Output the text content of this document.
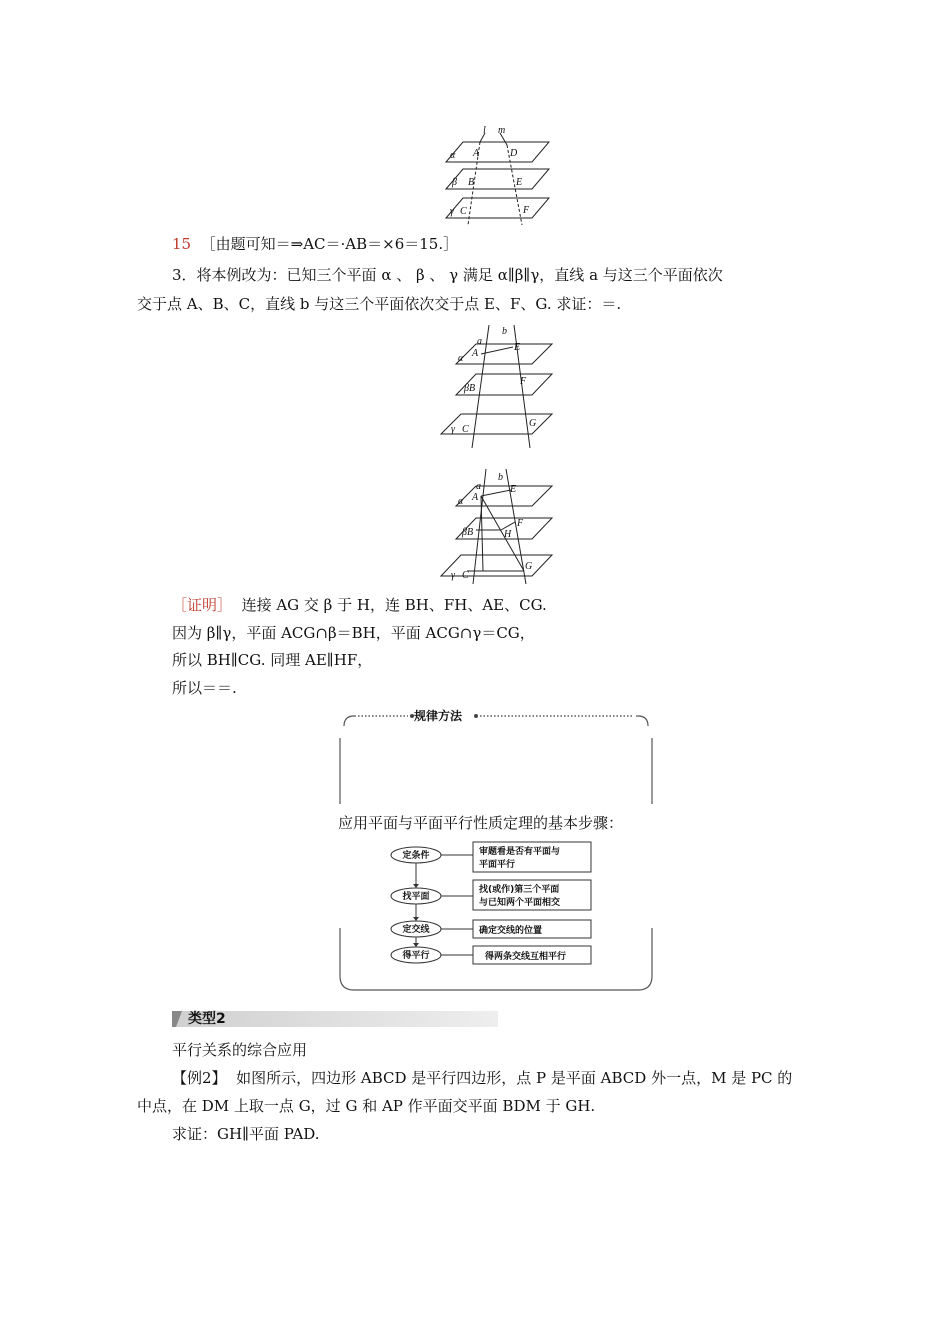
l m
α A	D
β B	E
γ C	F
15 ［由题可知＝⇒AC＝·AB＝×6＝15.］
3．将本例改为：已知三个平面 α 、 β 、 γ 满足 α∥β∥γ，直线 a 与这三个平面依次
交于点 A、B、C，直线 b 与这三个平面依次交于点 E、F、G. 求证：＝.
a
b
α A
E
βB
F
γ C
G
a
b
α A
E
βB
F
H
γ C
G
［证明］ 连接 AG 交 β 于 H，连 BH、FH、AE、CG.
因为 β∥γ，平面 ACG∩β＝BH，平面 ACG∩γ＝CG，
所以 BH∥CG. 同理 AE∥HF，
所以＝＝.
规律方法
应用平面与平面平行性质定理的基本步骤：
定条件
找平面
定交线
得平行
审题看是否有平面与
平面平行
找(或作)第三个平面
与已知两个平面相交
确定交线的位置
得两条交线互相平行
类型2
平行关系的综合应用
【例2】 如图所示，四边形 ABCD 是平行四边形，点 P 是平面 ABCD 外一点，M 是 PC 的
中点，在 DM 上取一点 G，过 G 和 AP 作平面交平面 BDM 于 GH.
求证：GH∥平面 PAD.
